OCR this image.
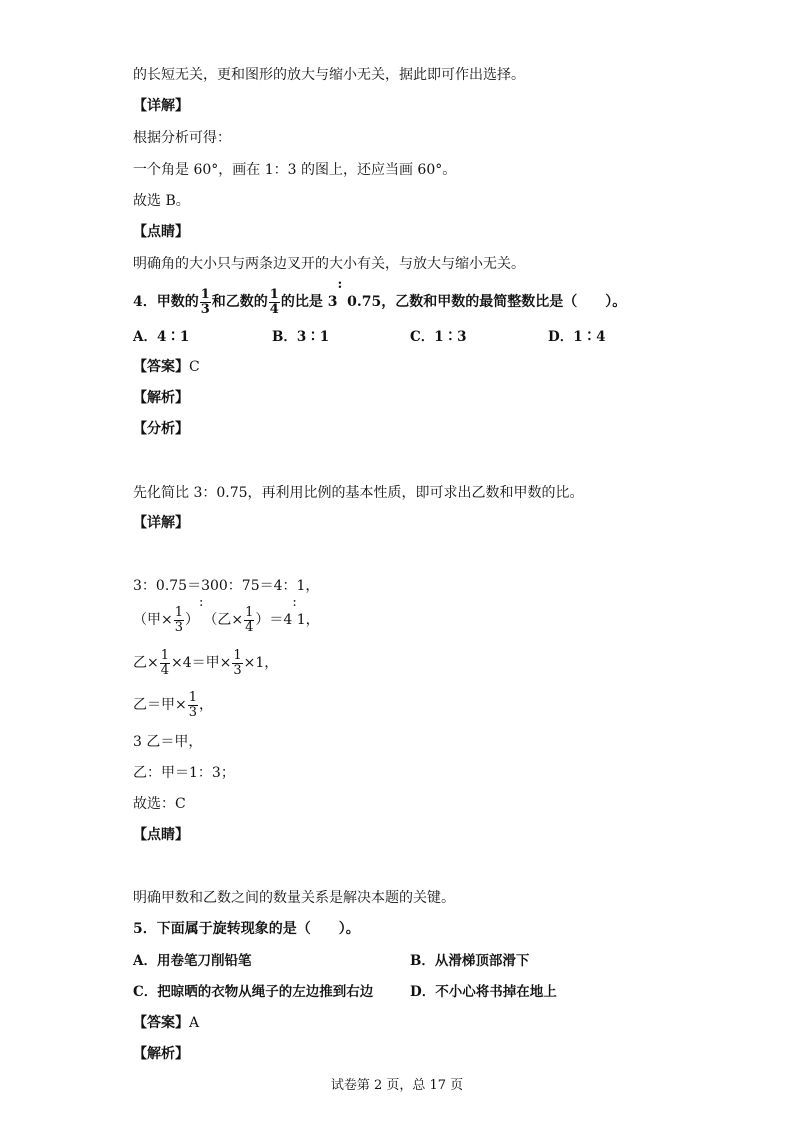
的长短无关，更和图形的放大与缩小无关，据此即可作出选择。
【详解】
根据分析可得：
一个角是 60°，画在 1：3 的图上，还应当画 60°。
故选 B。
【点睛】
明确角的大小只与两条边叉开的大小有关，与放大与缩小无关。
4．甲数的 $\frac{1}{3}$ 和乙数的 $\frac{1}{4}$ 的比是 3: 0.75，乙数和甲数的最简整数比是（　　）。
A．4∶1	B．3∶1	C．1∶3	D．1∶4
【答案】C
【解析】
【分析】
先化简比 3：0.75，再利用比例的基本性质，即可求出乙数和甲数的比。
【详解】
3：0.75＝300：75＝4：1，
（甲× $\frac{1}{3}$ ）:（乙× $\frac{1}{4}$ ）＝4:1，
乙× $\frac{1}{4} \times 4=$甲× $\frac{1}{3} \times 1$，
乙＝甲× $\frac{1}{3}$ ，
3 乙＝甲，
乙：甲＝1：3；
故选：C
【点睛】
明确甲数和乙数之间的数量关系是解决本题的关键。
5．下面属于旋转现象的是（　　）。
A．用卷笔刀削铅笔	B．从滑梯顶部滑下
C．把晾晒的衣物从绳子的左边推到右边	D．不小心将书掉在地上
【答案】A
【解析】
试卷第 2 页，总 17 页
